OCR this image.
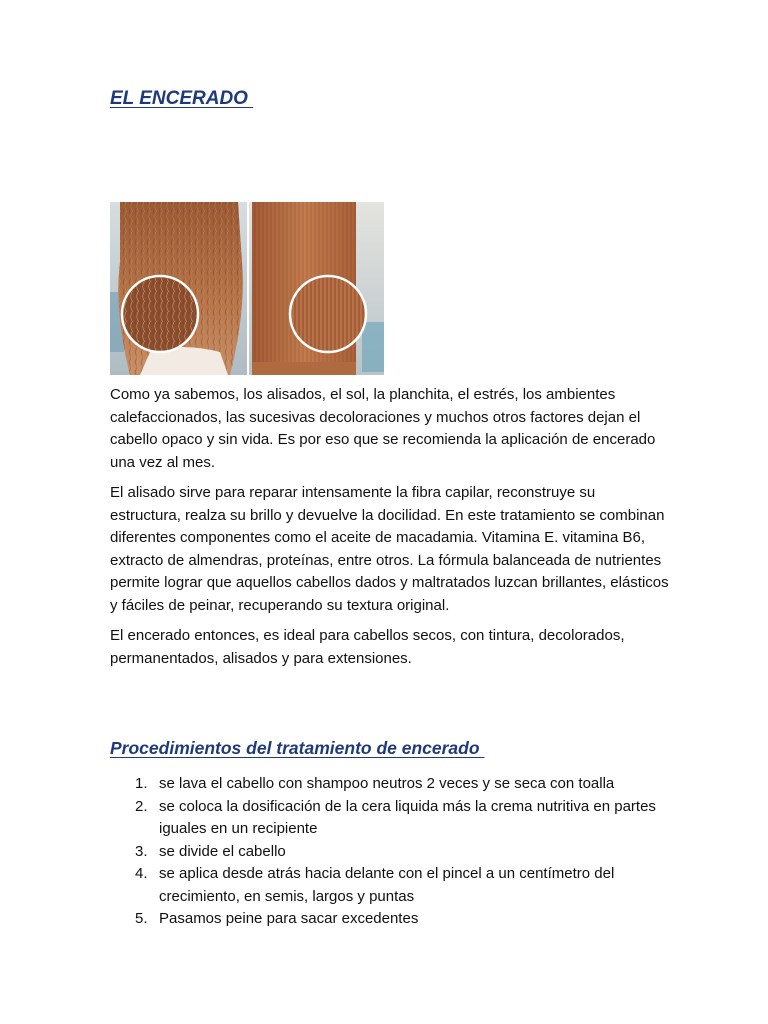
EL ENCERADO

Como ya sabemos, los alisados, el sol, la planchita, el estrés, los ambientes calefaccionados, las sucesivas decoloraciones y muchos otros factores dejan el cabello opaco y sin vida. Es por eso que se recomienda la aplicación de encerado una vez al mes.

El alisado sirve para reparar intensamente la fibra capilar, reconstruye su estructura, realza su brillo y devuelve la docilidad. En este tratamiento se combinan diferentes componentes como el aceite de macadamia. Vitamina E. vitamina B6, extracto de almendras, proteínas, entre otros. La fórmula balanceada de nutrientes permite lograr que aquellos cabellos dados y maltratados luzcan brillantes, elásticos y fáciles de peinar, recuperando su textura original.

El encerado entonces, es ideal para cabellos secos, con tintura, decolorados, permanentados, alisados y para extensiones.

Procedimientos del tratamiento de encerado
1. se lava el cabello con shampoo neutros 2 veces y se seca con toalla
2. se coloca la dosificación de la cera liquida más la crema nutritiva en partes iguales en un recipiente
3. se divide el cabello
4. se aplica desde atrás hacia delante con el pincel a un centímetro del crecimiento, en semis, largos y puntas
5. Pasamos peine para sacar excedentes
